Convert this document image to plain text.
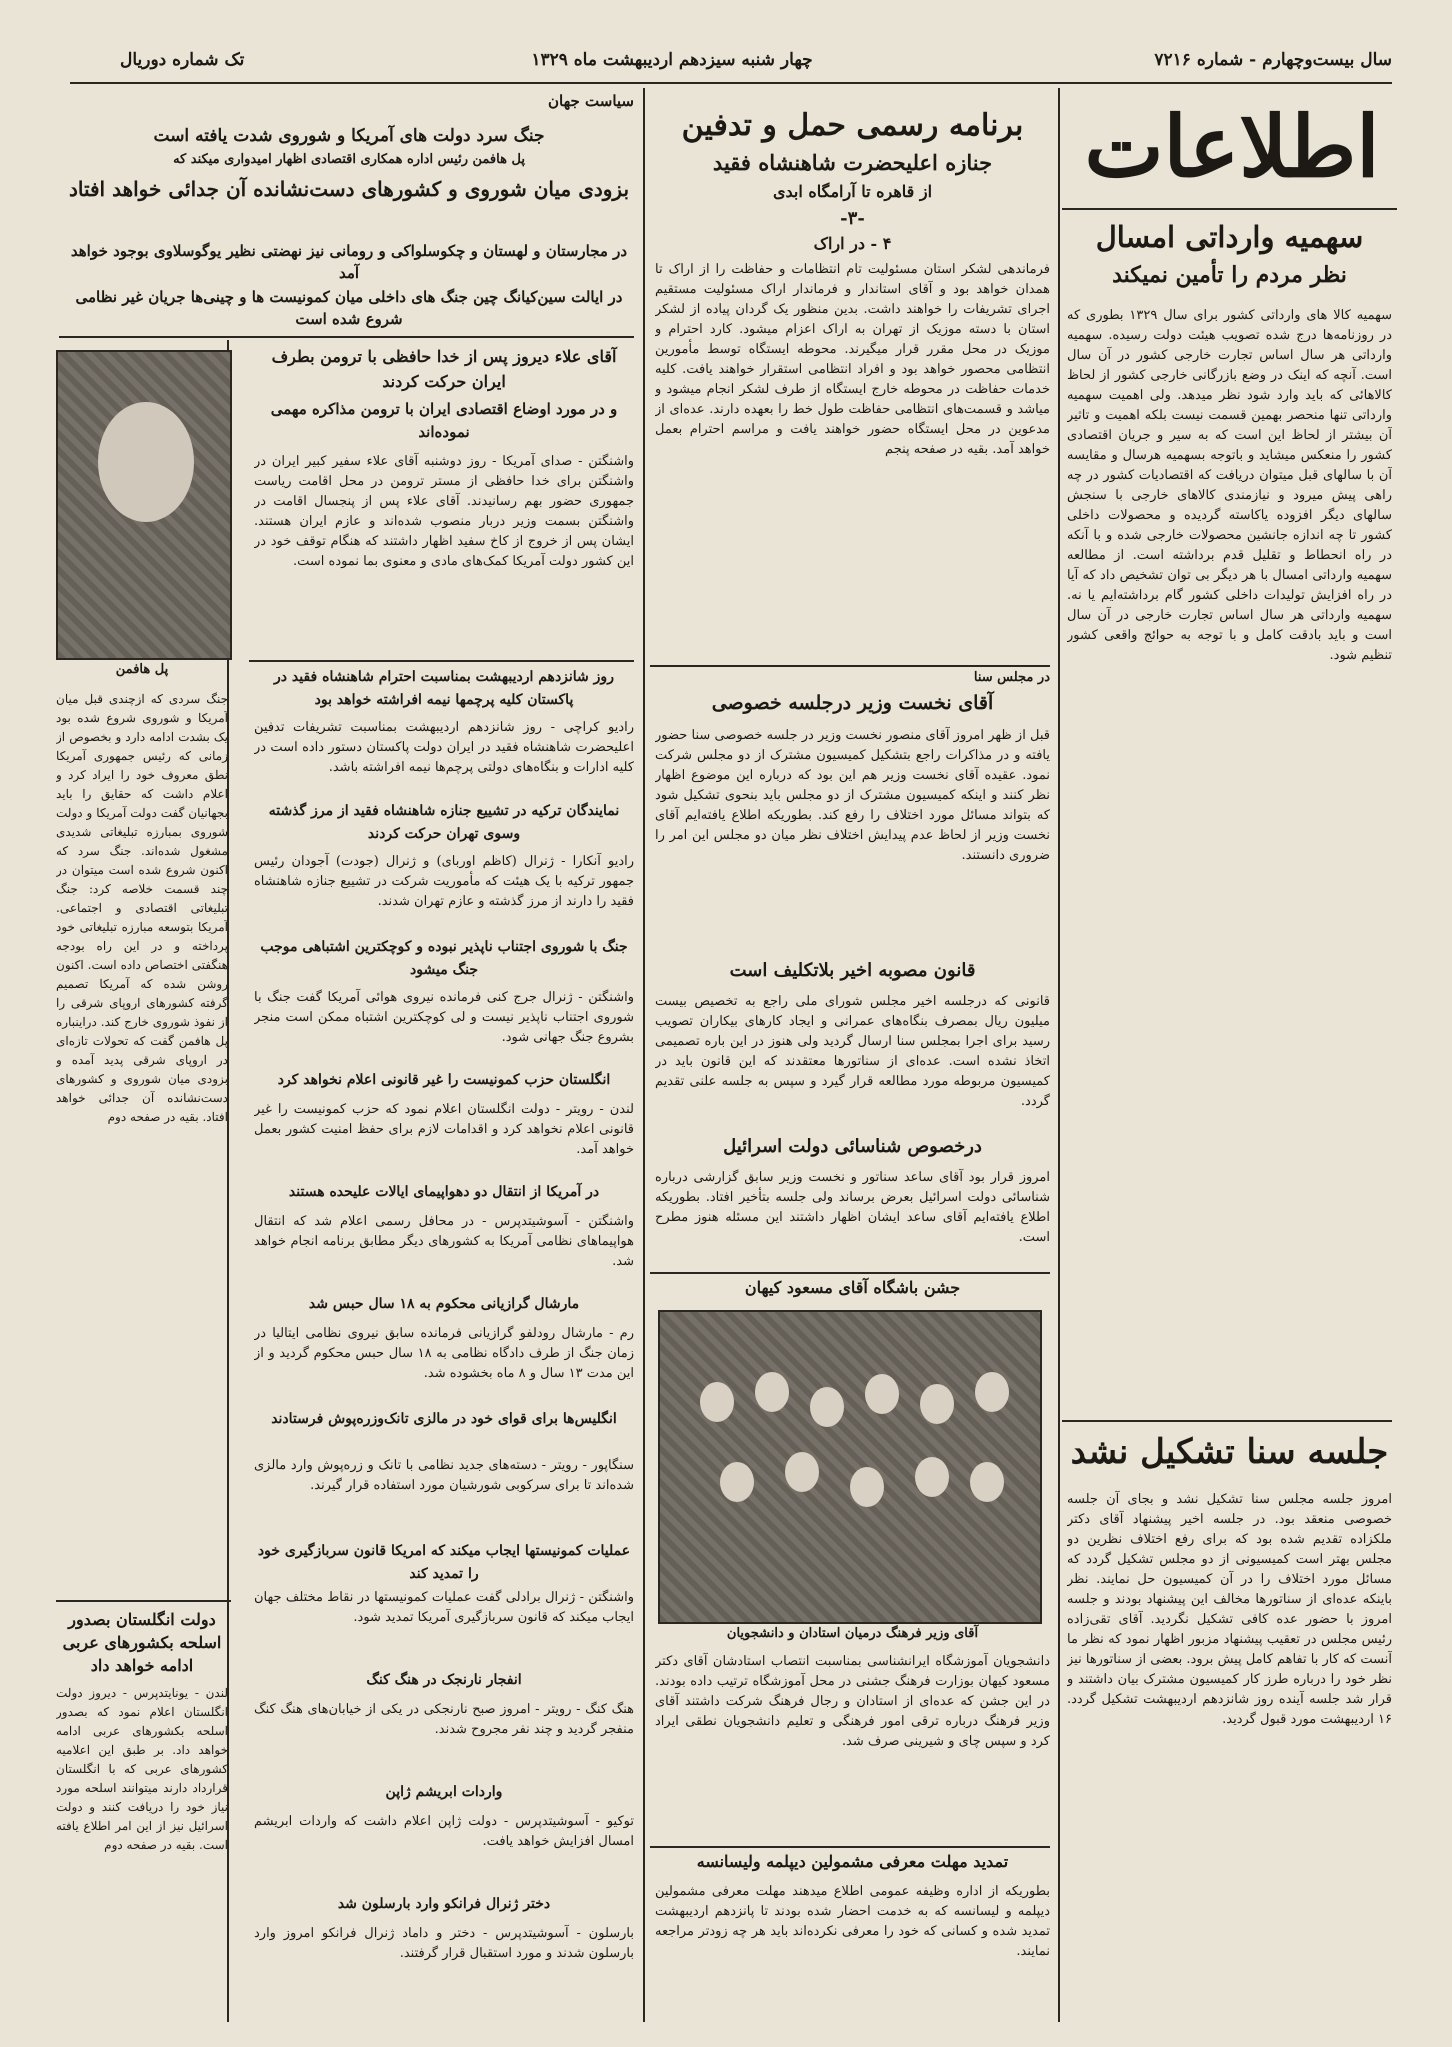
سال بیست‌وچهارم - شماره ۷۲۱۶
چهار شنبه سیزدهم اردیبهشت ماه ۱۳۲۹
تک شماره دوریال
اطلاعات
سهمیه وارداتی امسال
نظر مردم را تأمین نمیکند
سهمیه کالا های وارداتی کشور برای سال ۱۳۲۹ بطوری که در روزنامه‌ها درج شده تصویب هیئت دولت رسیده. سهمیه وارداتی هر سال اساس تجارت خارجی کشور در آن سال است. آنچه که اینک در وضع بازرگانی خارجی کشور از لحاظ کالاهائی که باید وارد شود نظر میدهد. ولی اهمیت سهمیه وارداتی تنها منحصر بهمین قسمت نیست بلکه اهمیت و تاثیر آن بیشتر از لحاظ این است که به سیر و جریان اقتصادی کشور را منعکس میشاید و باتوجه بسهمیه هرسال و مقایسه آن با سالهای قبل میتوان دریافت که اقتصادیات کشور در چه راهی پیش میرود و نیازمندی کالاهای خارجی با سنجش سالهای دیگر افزوده یاکاسته گردیده و محصولات داخلی کشور تا چه اندازه جانشین محصولات خارجی شده و با آنکه در راه انحطاط و تقلیل قدم برداشته است. از مطالعه سهمیه وارداتی امسال با هر دیگر بی توان تشخیص داد که آیا در راه افزایش تولیدات داخلی کشور گام برداشته‌ایم یا نه. سهمیه وارداتی هر سال اساس تجارت خارجی در آن سال است و باید بادقت کامل و با توجه به حوائج واقعی کشور تنظیم شود.
جلسه سنا تشکیل نشد
امروز جلسه مجلس سنا تشکیل نشد و بجای آن جلسه خصوصی منعقد بود. در جلسه اخیر پیشنهاد آقای دکتر ملکزاده تقدیم شده بود که برای رفع اختلاف نظرین دو مجلس بهتر است کمیسیونی از دو مجلس تشکیل گردد که مسائل مورد اختلاف را در آن کمیسیون حل نمایند. نظر باینکه عده‌ای از سناتورها مخالف این پیشنهاد بودند و جلسه امروز با حضور عده کافی تشکیل نگردید. آقای تقی‌زاده رئیس مجلس در تعقیب پیشنهاد مزبور اظهار نمود که نظر ما آنست که کار با تفاهم کامل پیش برود. بعضی از سناتورها نیز نظر خود را درباره طرز کار کمیسیون مشترک بیان داشتند و قرار شد جلسه آینده روز شانزدهم اردیبهشت تشکیل گردد. ۱۶ اردیبهشت مورد قبول گردید.
برنامه رسمی حمل و تدفین
جنازه اعلیحضرت شاهنشاه فقید
از قاهره تا آرامگاه ابدی
-۳-
۴ - در اراک
فرماندهی لشکر استان مسئولیت تام انتظامات و حفاظت را از اراک تا همدان خواهد بود و آقای استاندار و فرماندار اراک مسئولیت مستقیم اجرای تشریفات را خواهند داشت. بدین منظور یک گردان پیاده از لشکر استان با دسته موزیک از تهران به اراک اعزام میشود. کارد احترام و موزیک در محل مقرر قرار میگیرند. محوطه ایستگاه توسط مأمورین انتظامی محصور خواهد بود و افراد انتظامی استقرار خواهند یافت. کلیه خدمات حفاظت در محوطه خارج ایستگاه از طرف لشکر انجام میشود و میاشد و قسمت‌های انتظامی حفاظت طول خط را بعهده دارند. عده‌ای از مدعوین در محل ایستگاه حضور خواهند یافت و مراسم احترام بعمل خواهد آمد. بقیه در صفحه پنجم
در مجلس سنا
آقای نخست وزیر درجلسه خصوصی
قبل از ظهر امروز آقای منصور نخست وزیر در جلسه خصوصی سنا حضور یافته و در مذاکرات راجع بتشکیل کمیسیون مشترک از دو مجلس شرکت نمود. عقیده آقای نخست وزیر هم این بود که درباره این موضوع اظهار نظر کنند و اینکه کمیسیون مشترک از دو مجلس باید بنحوی تشکیل شود که بتواند مسائل مورد اختلاف را رفع کند. بطوریکه اطلاع یافته‌ایم آقای نخست وزیر از لحاظ عدم پیدایش اختلاف نظر میان دو مجلس این امر را ضروری دانستند.
قانون مصوبه اخیر بلاتکلیف است
قانونی که درجلسه اخیر مجلس شورای ملی راجع به تخصیص بیست میلیون ریال بمصرف بنگاه‌های عمرانی و ایجاد کارهای بیکاران تصویب رسید برای اجرا بمجلس سنا ارسال گردید ولی هنوز در این باره تصمیمی اتخاذ نشده است. عده‌ای از سناتورها معتقدند که این قانون باید در کمیسیون مربوطه مورد مطالعه قرار گیرد و سپس به جلسه علنی تقدیم گردد.
درخصوص شناسائی دولت اسرائیل
امروز قرار بود آقای ساعد سناتور و نخست وزیر سابق گزارشی درباره شناسائی دولت اسرائیل بعرض برساند ولی جلسه بتأخیر افتاد. بطوریکه اطلاع یافته‌ایم آقای ساعد ایشان اظهار داشتند این مسئله هنوز مطرح است.
جشن باشگاه آقای مسعود کیهان
آقای وزیر فرهنگ درمیان استادان و دانشجویان
دانشجویان آموزشگاه ایرانشناسی بمناسبت انتصاب استادشان آقای دکتر مسعود کیهان بوزارت فرهنگ جشنی در محل آموزشگاه ترتیب داده بودند. در این جشن که عده‌ای از استادان و رجال فرهنگ شرکت داشتند آقای وزیر فرهنگ درباره ترقی امور فرهنگی و تعلیم دانشجویان نطقی ایراد کرد و سپس چای و شیرینی صرف شد.
تمدید مهلت معرفی مشمولین دیپلمه ولیسانسه
بطوریکه از اداره وظیفه عمومی اطلاع میدهند مهلت معرفی مشمولین دیپلمه و لیسانسه که به خدمت احضار شده بودند تا پانزدهم اردیبهشت تمدید شده و کسانی که خود را معرفی نکرده‌اند باید هر چه زودتر مراجعه نمایند.
سیاست جهان
جنگ سرد دولت های آمریکا و شوروی شدت یافته است
پل هافمن رئیس اداره همکاری اقتصادی اظهار امیدواری میکند که
بزودی میان شوروی و کشورهای دست‌نشانده آن جدائی خواهد افتاد
در مجارستان و لهستان و چکوسلواکی و رومانی نیز نهضتی نظیر یوگوسلاوی بوجود خواهد آمد
در ایالت سین‌کیانگ چین جنگ های داخلی میان کمونیست ها و چینی‌ها جریان غیر نظامی شروع شده است
پل هافمن
جنگ سردی که ازچندی قبل میان آمریکا و شوروی شروع شده بود یک بشدت ادامه دارد و بخصوص از زمانی که رئیس جمهوری آمریکا نطق معروف خود را ایراد کرد و اعلام داشت که حقایق را باید بجهانیان گفت دولت آمریکا و دولت شوروی بمبارزه تبلیغاتی شدیدی مشغول شده‌اند. جنگ سرد که اکنون شروع شده است میتوان در چند قسمت خلاصه کرد: جنگ تبلیغاتی اقتصادی و اجتماعی. آمریکا بتوسعه مبارزه تبلیغاتی خود پرداخته و در این راه بودجه هنگفتی اختصاص داده است. اکنون روشن شده که آمریکا تصمیم گرفته کشورهای اروپای شرقی را از نفوذ شوروی خارج کند. دراینباره پل هافمن گفت که تحولات تازه‌ای در اروپای شرقی پدید آمده و بزودی میان شوروی و کشورهای دست‌نشانده آن جدائی خواهد افتاد. بقیه در صفحه دوم
دولت انگلستان بصدور اسلحه بکشورهای عربی ادامه خواهد داد
لندن - یونایتدپرس - دیروز دولت انگلستان اعلام نمود که بصدور اسلحه بکشورهای عربی ادامه خواهد داد. بر طبق این اعلامیه کشورهای عربی که با انگلستان قرارداد دارند میتوانند اسلحه مورد نیاز خود را دریافت کنند و دولت اسرائیل نیز از این امر اطلاع یافته است. بقیه در صفحه دوم
آقای علاء دیروز پس از خدا حافظی با ترومن بطرف ایران حرکت کردند
و در مورد اوضاع اقتصادی ایران با ترومن مذاکره مهمی نموده‌اند
واشنگتن - صدای آمریکا - روز دوشنبه آقای علاء سفیر کبیر ایران در واشنگتن برای خدا حافظی از مستر ترومن در محل اقامت ریاست جمهوری حضور بهم رسانیدند. آقای علاء پس از پنجسال اقامت در واشنگتن بسمت وزیر دربار منصوب شده‌اند و عازم ایران هستند. ایشان پس از خروج از کاخ سفید اظهار داشتند که هنگام توقف خود در این کشور دولت آمریکا کمک‌های مادی و معنوی بما نموده است.
روز شانزدهم اردیبهشت بمناسبت احترام شاهنشاه فقید در پاکستان کلیه پرچمها نیمه افراشته خواهد بود
رادیو کراچی - روز شانزدهم اردیبهشت بمناسبت تشریفات تدفین اعلیحضرت شاهنشاه فقید در ایران دولت پاکستان دستور داده است در کلیه ادارات و بنگاه‌های دولتی پرچم‌ها نیمه افراشته باشد.
نمایندگان ترکیه در تشییع جنازه شاهنشاه فقید از مرز گذشته وسوی تهران حرکت کردند
رادیو آنکارا - ژنرال (کاظم اوربای) و ژنرال (جودت) آجودان رئیس جمهور ترکیه با یک هیئت که مأموریت شرکت در تشییع جنازه شاهنشاه فقید را دارند از مرز گذشته و عازم تهران شدند.
جنگ با شوروی اجتناب ناپذیر نبوده و کوچکترین اشتباهی موجب جنگ میشود
واشنگتن - ژنرال جرج کنی فرمانده نیروی هوائی آمریکا گفت جنگ با شوروی اجتناب ناپذیر نیست و لی کوچکترین اشتباه ممکن است منجر بشروع جنگ جهانی شود.
انگلستان حزب کمونیست را غیر قانونی اعلام نخواهد کرد
لندن - رویتر - دولت انگلستان اعلام نمود که حزب کمونیست را غیر قانونی اعلام نخواهد کرد و اقدامات لازم برای حفظ امنیت کشور بعمل خواهد آمد.
در آمریکا از انتقال دو دهواپیمای ایالات علیحده هستند
واشنگتن - آسوشیتدپرس - در محافل رسمی اعلام شد که انتقال هواپیماهای نظامی آمریکا به کشورهای دیگر مطابق برنامه انجام خواهد شد.
مارشال گرازیانی محکوم به ۱۸ سال حبس شد
رم - مارشال رودلفو گرازیانی فرمانده سابق نیروی نظامی ایتالیا در زمان جنگ از طرف دادگاه نظامی به ۱۸ سال حبس محکوم گردید و از این مدت ۱۳ سال و ۸ ماه بخشوده شد.
انگلیس‌ها برای قوای خود در مالزی تانک‌وزره‌پوش فرستادند
سنگاپور - رویتر - دسته‌های جدید نظامی با تانک و زره‌پوش وارد مالزی شده‌اند تا برای سرکوبی شورشیان مورد استفاده قرار گیرند.
عملیات کمونیستها ایجاب میکند که امریکا قانون سربازگیری خود را تمدید کند
واشنگتن - ژنرال برادلی گفت عملیات کمونیستها در نقاط مختلف جهان ایجاب میکند که قانون سربازگیری آمریکا تمدید شود.
انفجار نارنجک در هنگ کنگ
هنگ کنگ - رویتر - امروز صبح نارنجکی در یکی از خیابان‌های هنگ کنگ منفجر گردید و چند نفر مجروح شدند.
واردات ابریشم ژاپن
توکیو - آسوشیتدپرس - دولت ژاپن اعلام داشت که واردات ابریشم امسال افزایش خواهد یافت.
دختر ژنرال فرانکو وارد بارسلون شد
بارسلون - آسوشیتدپرس - دختر و داماد ژنرال فرانکو امروز وارد بارسلون شدند و مورد استقبال قرار گرفتند.
